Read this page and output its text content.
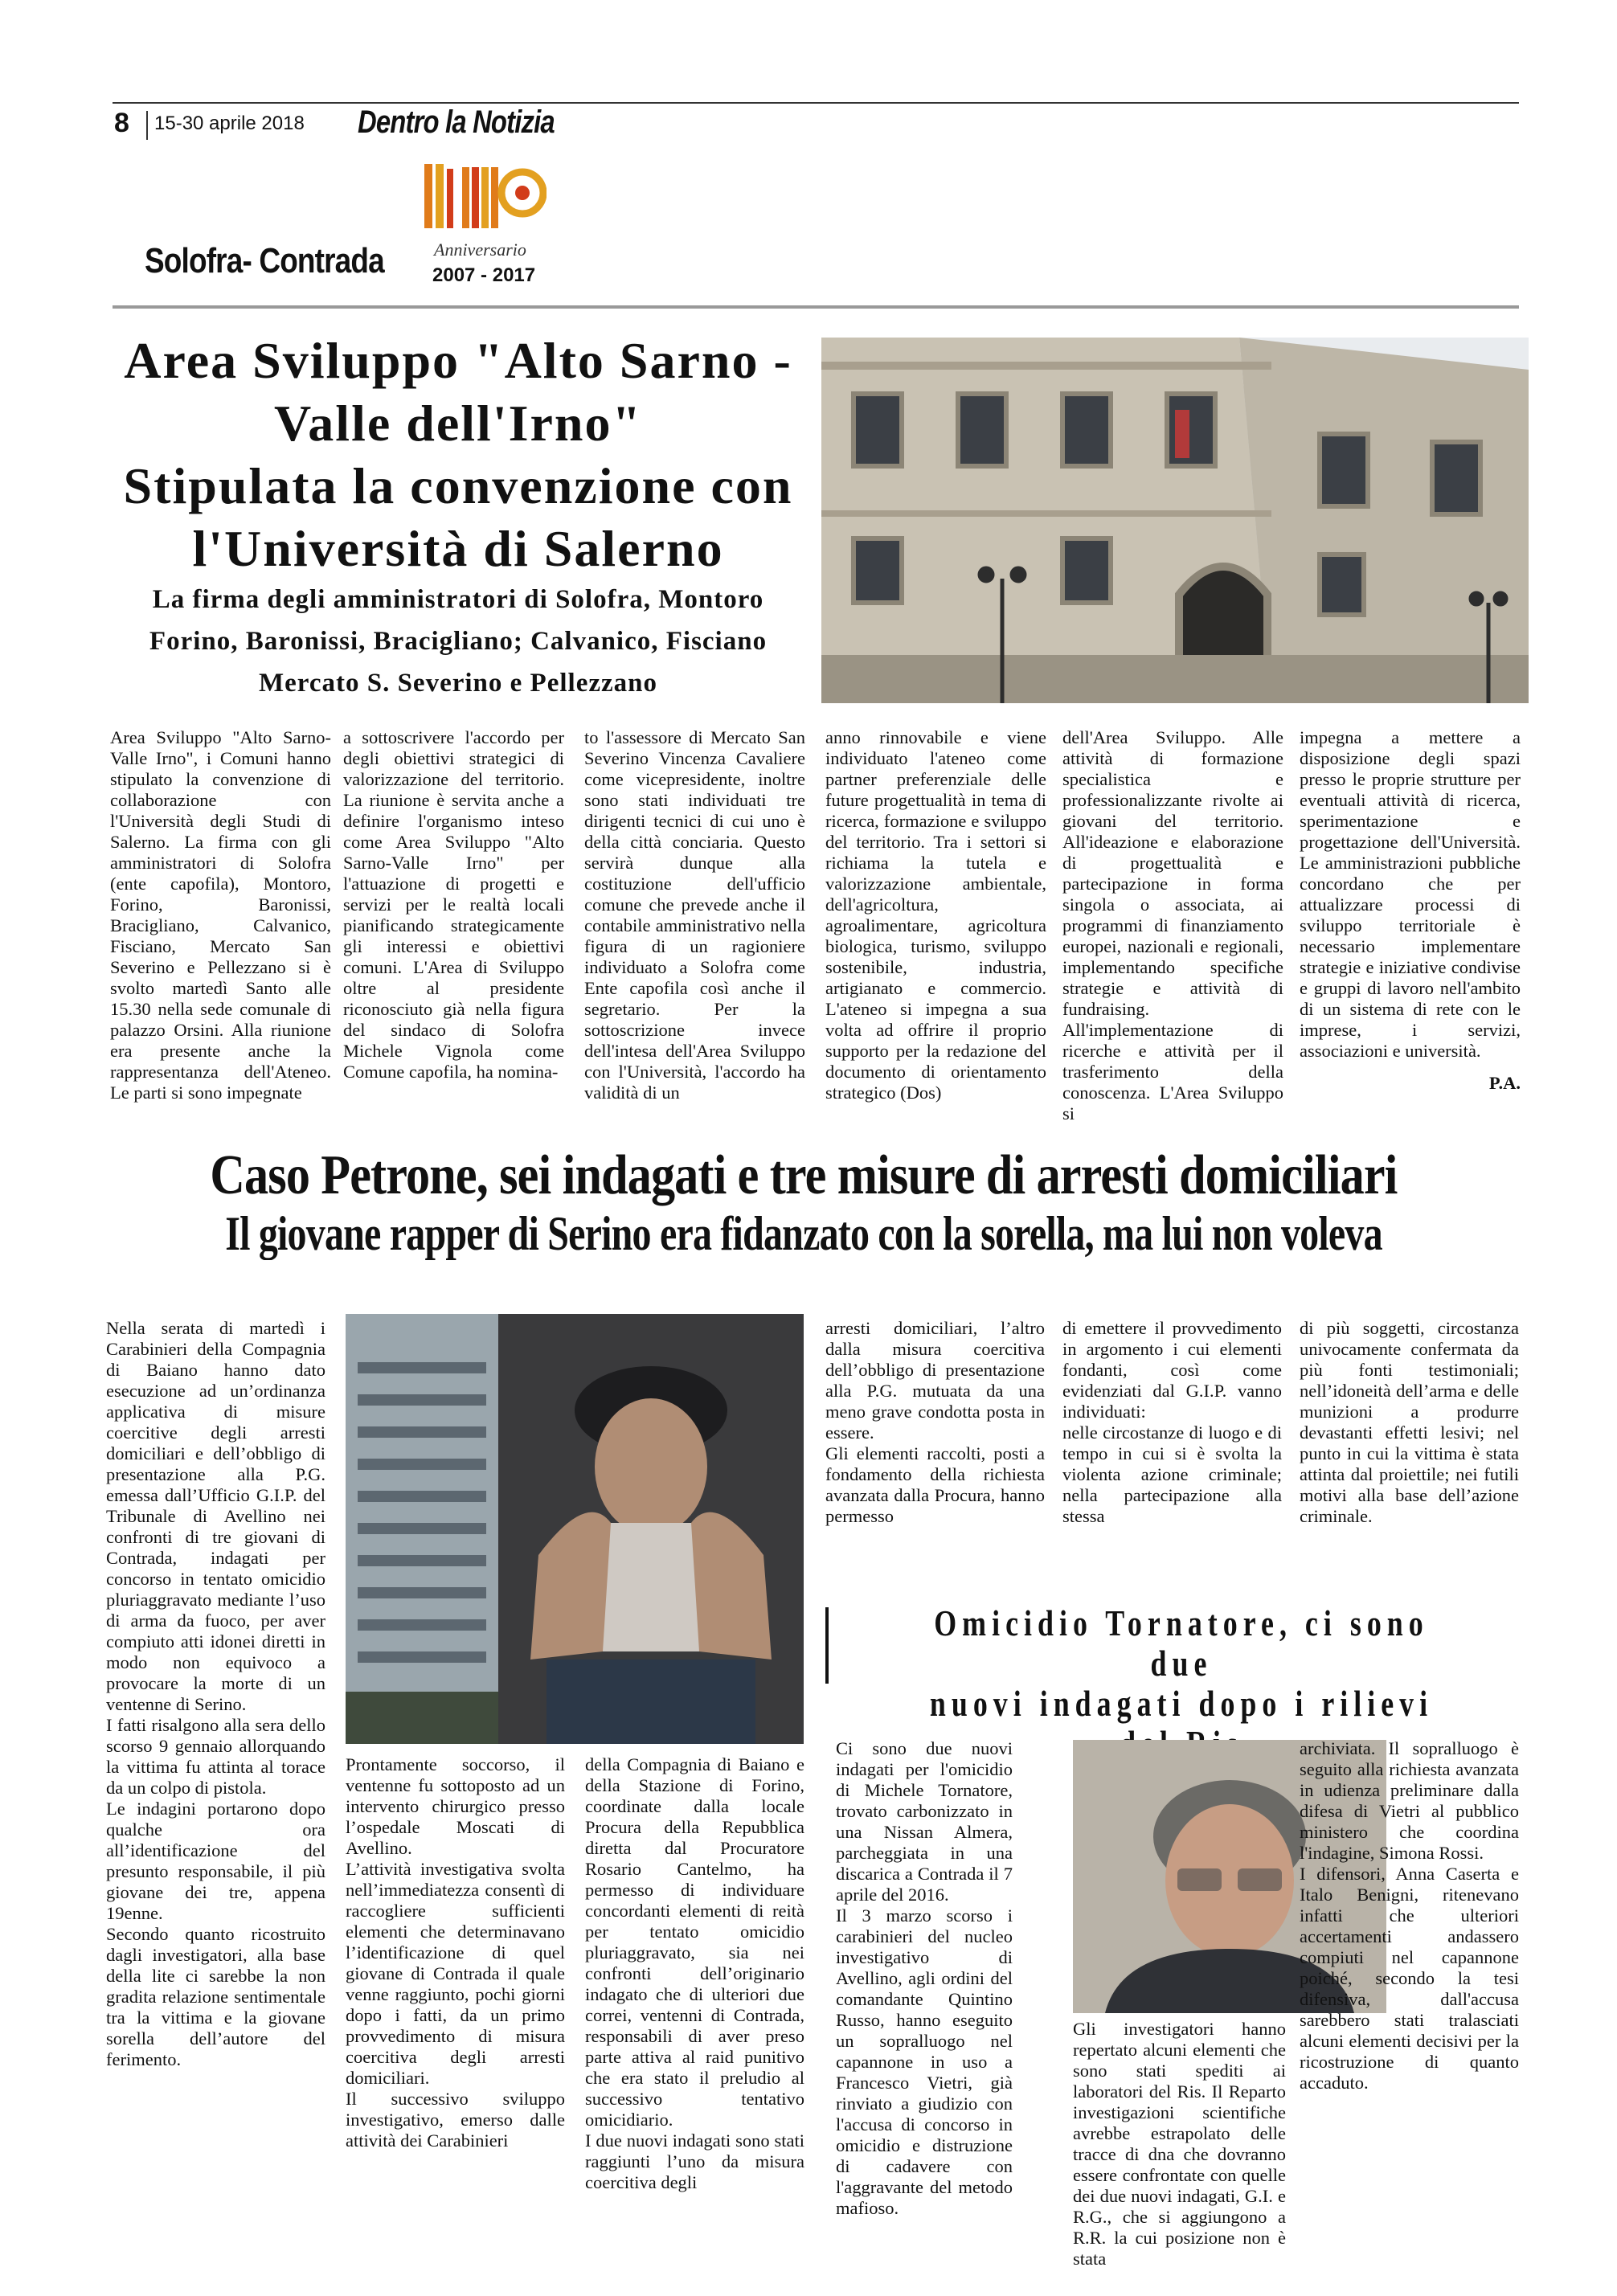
8 15-30 aprile 2018 Dentro la Notizia
Solofra- Contrada	Anniversario
2007 - 2017
Area Sviluppo "Alto Sarno -
Valle dell'Irno"
Stipulata la convenzione con
l'Università di Salerno
La firma degli amministratori di Solofra, Montoro
Forino, Baronissi, Bracigliano; Calvanico, Fisciano
Mercato S. Severino e Pellezzano

Area Sviluppo "Alto Sarno-Valle Irno", i Comuni hanno stipulato la convenzione di collaborazione con l'Università degli Studi di Salerno. La firma con gli amministratori di Solofra (ente capofila), Montoro, Forino, Baronissi, Bracigliano, Calvanico, Fisciano, Mercato San Severino e Pellezzano si è svolto martedì Santo alle 15.30 nella sede comunale di palazzo Orsini. Alla riunione era presente anche la rappresentanza dell'Ateneo. Le parti si sono impegnate

a sottoscrivere l'accordo per degli obiettivi strategici di valorizzazione del territorio. La riunione è servita anche a definire l'organismo inteso come Area Sviluppo "Alto Sarno-Valle Irno" per l'attuazione di progetti e servizi per le realtà locali pianificando strategicamente gli interessi e obiettivi comuni. L'Area di Sviluppo oltre al presidente riconosciuto già nella figura del sindaco di Solofra Michele Vignola come Comune capofila, ha nomina-

to l'assessore di Mercato San Severino Vincenza Cavaliere come vicepresidente, inoltre sono stati individuati tre dirigenti tecnici di cui uno è della città conciaria. Questo servirà dunque alla costituzione dell'ufficio comune che prevede anche il contabile amministrativo nella figura di un ragioniere individuato a Solofra come Ente capofila così anche il segretario. Per la sottoscrizione invece dell'intesa dell'Area Sviluppo con l'Università, l'accordo ha validità di un

anno rinnovabile e viene individuato l'ateneo come partner preferenziale delle future progettualità in tema di ricerca, formazione e sviluppo del territorio. Tra i settori si richiama la tutela e valorizzazione ambientale, dell'agricoltura, agroalimentare, agricoltura biologica, turismo, sviluppo sostenibile, industria, artigianato e commercio. L'ateneo si impegna a sua volta ad offrire il proprio supporto per la redazione del documento di orientamento strategico (Dos)

dell'Area Sviluppo. Alle attività di formazione specialistica e professionalizzante rivolte ai giovani del territorio. All'ideazione e elaborazione di progettualità e partecipazione in forma singola o associata, ai programmi di finanziamento europei, nazionali e regionali, implementando specifiche strategie e attività di fundraising. All'implementazione di ricerche e attività per il trasferimento della conoscenza. L'Area Sviluppo si

impegna a mettere a disposizione degli spazi presso le proprie strutture per eventuali attività di ricerca, sperimentazione e progettazione dell'Università. Le amministrazioni pubbliche concordano che per attualizzare processi di sviluppo territoriale è necessario implementare strategie e iniziative condivise e gruppi di lavoro nell'ambito di un sistema di rete con le imprese, i servizi, associazioni e università.

P.A.
Caso Petrone, sei indagati e tre misure di arresti domiciliari
Il giovane rapper di Serino era fidanzato con la sorella, ma lui non voleva

Nella serata di martedì i Carabinieri della Compagnia di Baiano hanno dato esecuzione ad un’ordinanza applicativa di misure coercitive degli arresti domiciliari e dell’obbligo di presentazione alla P.G. emessa dall’Ufficio G.I.P. del Tribunale di Avellino nei confronti di tre giovani di Contrada, indagati per concorso in tentato omicidio pluriaggravato mediante l’uso di arma da fuoco, per aver compiuto atti idonei diretti in modo non equivoco a provocare la morte di un ventenne di Serino.

I fatti risalgono alla sera dello scorso 9 gennaio allorquando la vittima fu attinta al torace da un colpo di pistola.

Le indagini portarono dopo qualche ora all’identificazione del presunto responsabile, il più giovane dei tre, appena 19enne.

Secondo quanto ricostruito dagli investigatori, alla base della lite ci sarebbe la non gradita relazione sentimentale tra la vittima e la giovane sorella dell’autore del ferimento.

Prontamente soccorso, il ventenne fu sottoposto ad un intervento chirurgico presso l’ospedale Moscati di Avellino.

L’attività investigativa svolta nell’immediatezza consentì di raccogliere sufficienti elementi che determinavano l’identificazione di quel giovane di Contrada il quale venne raggiunto, pochi giorni dopo i fatti, da un primo provvedimento di misura coercitiva degli arresti domiciliari.

Il successivo sviluppo investigativo, emerso dalle attività dei Carabinieri

della Compagnia di Baiano e della Stazione di Forino, coordinate dalla locale Procura della Repubblica diretta dal Procuratore Rosario Cantelmo, ha permesso di individuare concordanti elementi di reità per tentato omicidio pluriaggravato, sia nei confronti dell’originario indagato che di ulteriori due correi, ventenni di Contrada, responsabili di aver preso parte attiva al raid punitivo che era stato il preludio al successivo tentativo omicidiario.

I due nuovi indagati sono stati raggiunti l’uno da misura coercitiva degli

arresti domiciliari, l’altro dalla misura coercitiva dell’obbligo di presentazione alla P.G. mutuata da una meno grave condotta posta in essere.

Gli elementi raccolti, posti a fondamento della richiesta avanzata dalla Procura, hanno permesso

di emettere il provvedimento in argomento i cui elementi fondanti, così come evidenziati dal G.I.P. vanno individuati:

nelle circostanze di luogo e di tempo in cui si è svolta la violenta azione criminale; nella partecipazione alla stessa

di più soggetti, circostanza univocamente confermata da più fonti testimoniali; nell’idoneità dell’arma e delle munizioni a produrre devastanti effetti lesivi; nel punto in cui la vittima è stata attinta dal proiettile; nei futili motivi alla base dell’azione criminale.

Omicidio Tornatore, ci sono due
nuovi indagati dopo i rilievi

Ci sono due nuovi indagati per l'omicidio di Michele Tornatore, trovato carbonizzato in una Nissan Almera, parcheggiata in una discarica a Contrada il 7 aprile del 2016.

Il 3 marzo scorso i carabinieri del nucleo investigativo di Avellino, agli ordini del comandante Quintino Russo, hanno eseguito un sopralluogo nel capannone in uso a Francesco Vietri, già rinviato a giudizio con l'accusa di concorso in omicidio e distruzione di cadavere con l'aggravante del metodo mafioso.

Gli investigatori hanno repertato alcuni elementi che sono stati spediti ai laboratori del Ris. Il Reparto investigazioni scientifiche avrebbe estrapolato delle tracce di dna che dovranno essere confrontate con quelle dei due nuovi indagati, G.I. e R.G., che si aggiungono a R.R. la cui posizione non è stata

archiviata. Il sopralluogo è seguito alla richiesta avanzata in udienza preliminare dalla difesa di Vietri al pubblico ministero che coordina l'indagine, Simona Rossi.

I difensori, Anna Caserta e Italo Benigni, ritenevano infatti che ulteriori accertamenti andassero compiuti nel capannone poiché, secondo la tesi difensiva, dall'accusa sarebbero stati tralasciati alcuni elementi decisivi per la ricostruzione di quanto accaduto.
